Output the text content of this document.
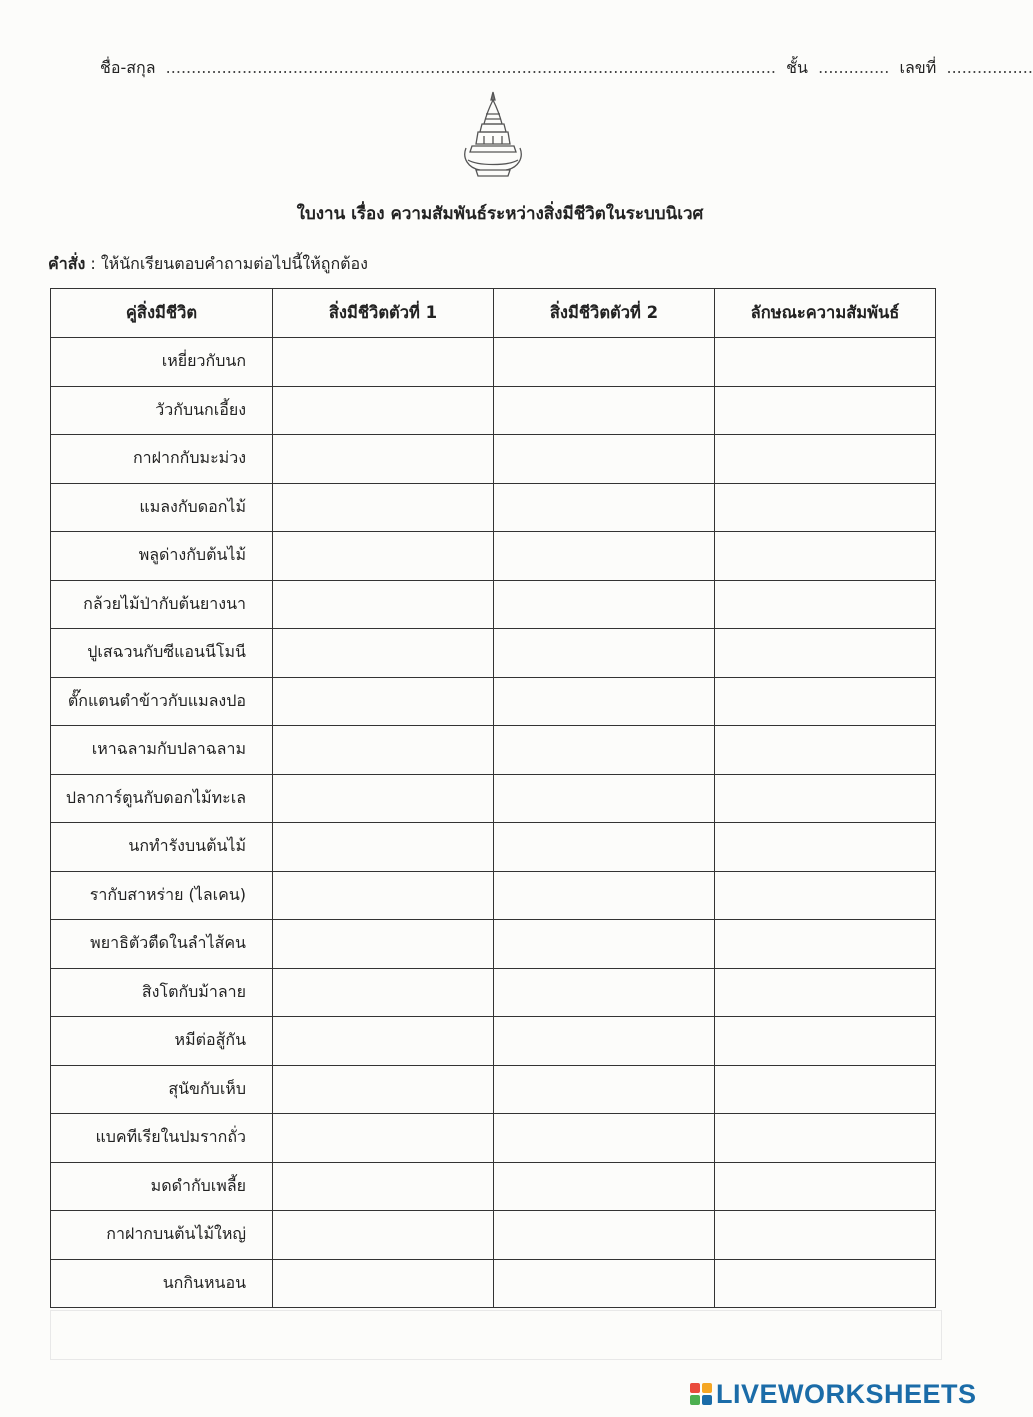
ชื่อ-สกุล  ........................................................................................................................  ชั้น  ..............  เลขที่  .................
ใบงาน เรื่อง ความสัมพันธ์ระหว่างสิ่งมีชีวิตในระบบนิเวศ
คำสั่ง : ให้นักเรียนตอบคำถามต่อไปนี้ให้ถูกต้อง
คู่สิ่งมีชีวิต	สิ่งมีชีวิตตัวที่ 1	สิ่งมีชีวิตตัวที่ 2	ลักษณะความสัมพันธ์
เหยี่ยวกับนก			
วัวกับนกเอี้ยง			
กาฝากกับมะม่วง			
แมลงกับดอกไม้			
พลูด่างกับต้นไม้			
กล้วยไม้ป่ากับต้นยางนา			
ปูเสฉวนกับซีแอนนีโมนี			
ตั๊กแตนตำข้าวกับแมลงปอ			
เหาฉลามกับปลาฉลาม			
ปลาการ์ตูนกับดอกไม้ทะเล			
นกทำรังบนต้นไม้			
รากับสาหร่าย (ไลเคน)			
พยาธิตัวตืดในลำไส้คน			
สิงโตกับม้าลาย			
หมีต่อสู้กัน			
สุนัขกับเห็บ			
แบคทีเรียในปมรากถั่ว			
มดดำกับเพลี้ย			
กาฝากบนต้นไม้ใหญ่			
นกกินหนอน			
LIVEWORKSHEETS
